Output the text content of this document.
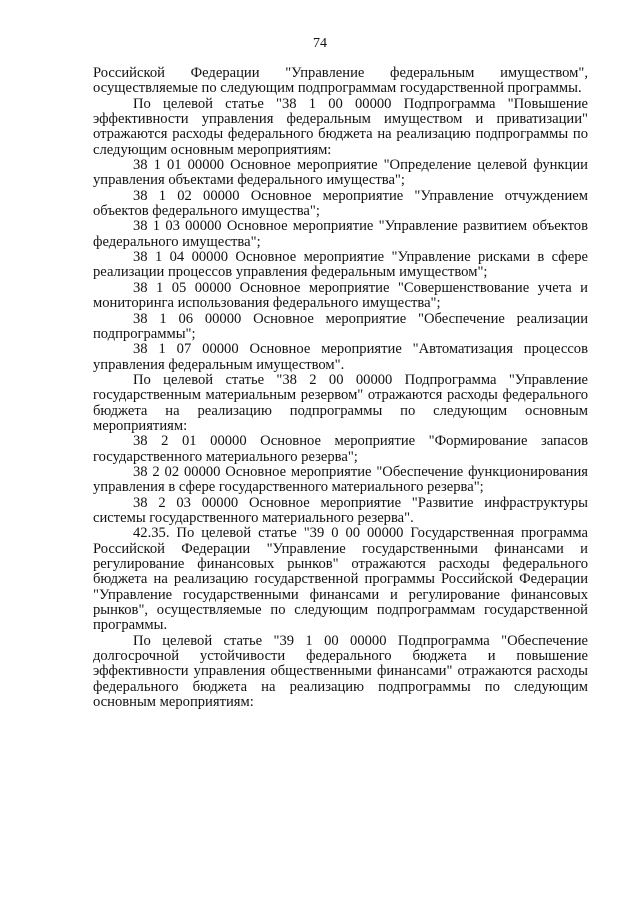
74

Российской Федерации "Управление федеральным имуществом", осуществляемые по следующим подпрограммам государственной программы.

По целевой статье "38 1 00 00000 Подпрограмма "Повышение эффективности управления федеральным имуществом и приватизации" отражаются расходы федерального бюджета на реализацию подпрограммы по следующим основным мероприятиям:

38 1 01 00000 Основное мероприятие "Определение целевой функции управления объектами федерального имущества";

38 1 02 00000 Основное мероприятие "Управление отчуждением объектов федерального имущества";

38 1 03 00000 Основное мероприятие "Управление развитием объектов федерального имущества";

38 1 04 00000 Основное мероприятие "Управление рисками в сфере реализации процессов управления федеральным имуществом";

38 1 05 00000 Основное мероприятие "Совершенствование учета и мониторинга использования федерального имущества";

38 1 06 00000 Основное мероприятие "Обеспечение реализации подпрограммы";

38 1 07 00000 Основное мероприятие "Автоматизация процессов управления федеральным имуществом".

По целевой статье "38 2 00 00000 Подпрограмма "Управление государственным материальным резервом" отражаются расходы федерального бюджета на реализацию подпрограммы по следующим основным мероприятиям:

38 2 01 00000 Основное мероприятие "Формирование запасов государственного материального резерва";

38 2 02 00000 Основное мероприятие "Обеспечение функционирования управления в сфере государственного материального резерва";

38 2 03 00000 Основное мероприятие "Развитие инфраструктуры системы государственного материального резерва".

42.35. По целевой статье "39 0 00 00000 Государственная программа Российской Федерации "Управление государственными финансами и регулирование финансовых рынков" отражаются расходы федерального бюджета на реализацию государственной программы Российской Федерации "Управление государственными финансами и регулирование финансовых рынков", осуществляемые по следующим подпрограммам государственной программы.

По целевой статье "39 1 00 00000 Подпрограмма "Обеспечение долгосрочной устойчивости федерального бюджета и повышение эффективности управления общественными финансами" отражаются расходы федерального бюджета на реализацию подпрограммы по следующим основным мероприятиям:
